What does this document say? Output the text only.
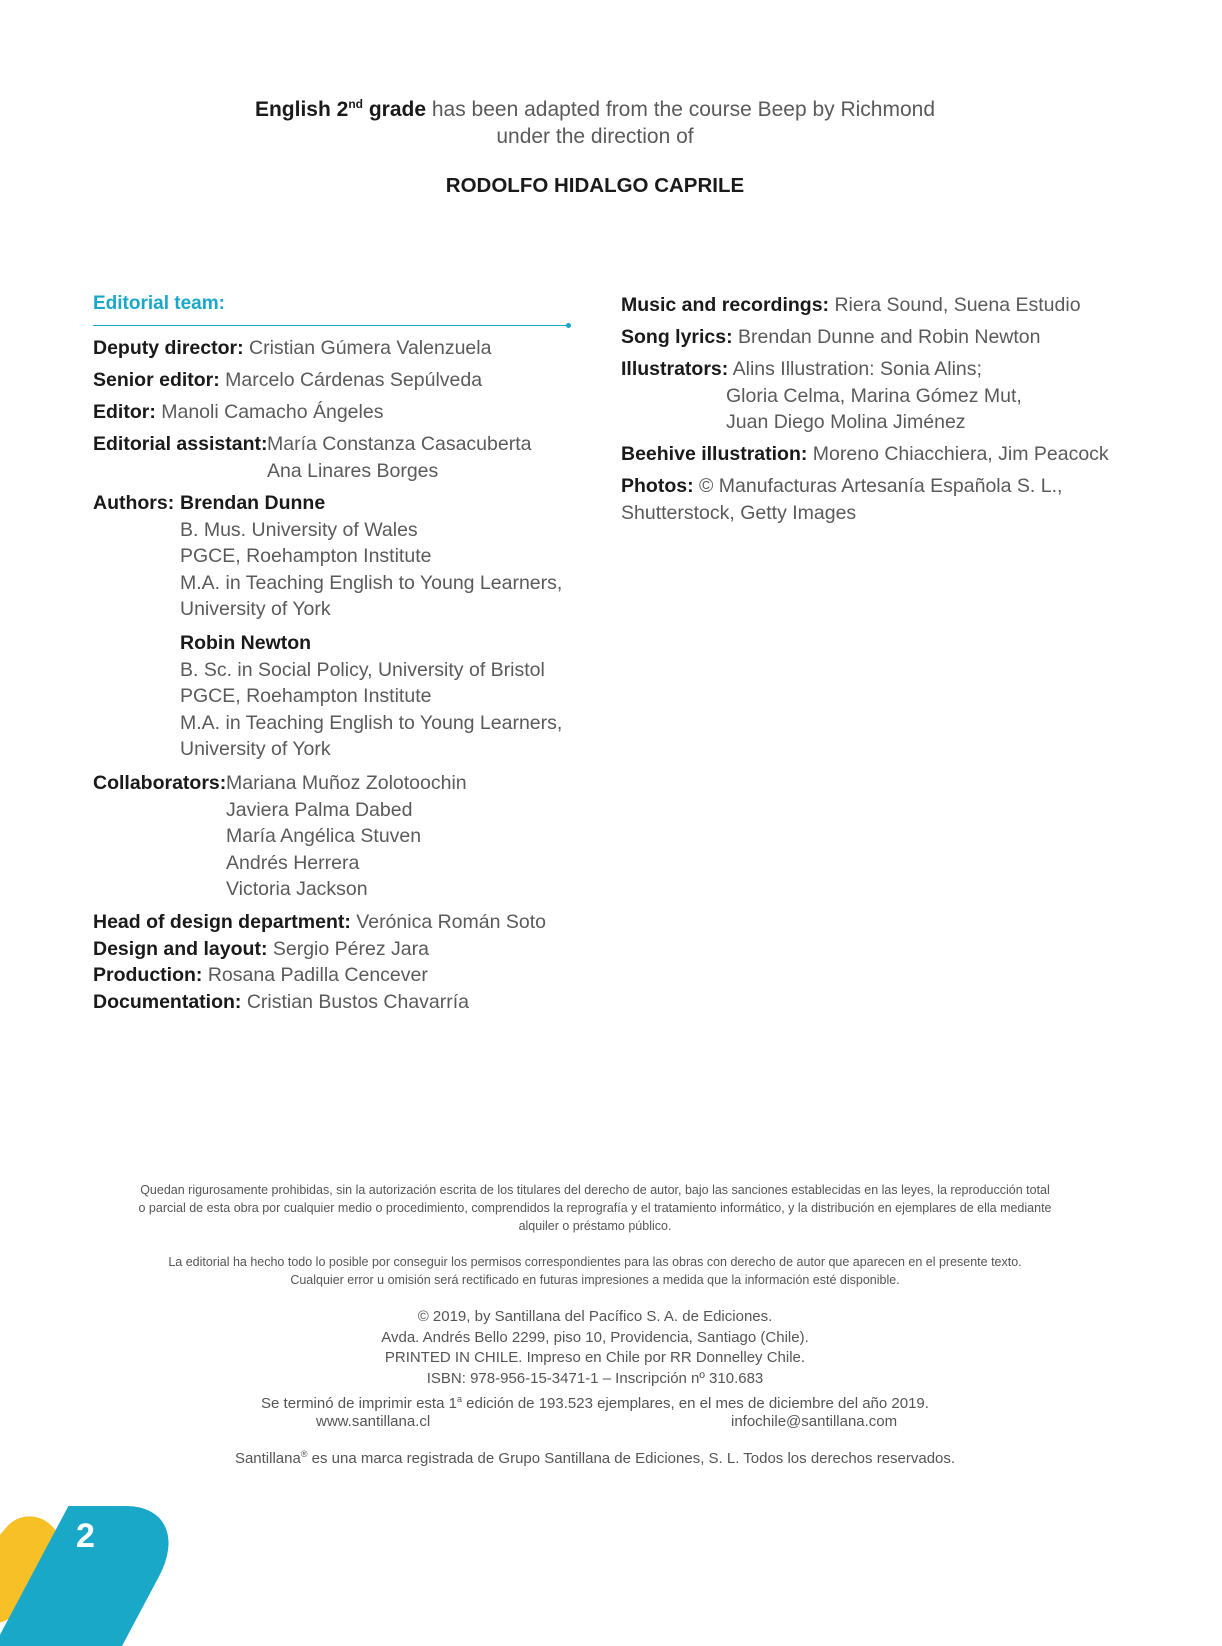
English 2nd grade has been adapted from the course Beep by Richmond
under the direction of
RODOLFO HIDALGO CAPRILE
Editorial team:
Deputy director: Cristian Gúmera Valenzuela
Senior editor: Marcelo Cárdenas Sepúlveda
Editor: Manoli Camacho Ángeles
Editorial assistant: María Constanza Casacuberta
Ana Linares Borges
Authors: Brendan Dunne
B. Mus. University of Wales
PGCE, Roehampton Institute
M.A. in Teaching English to Young Learners,
University of York
Robin Newton
B. Sc. in Social Policy, University of Bristol
PGCE, Roehampton Institute
M.A. in Teaching English to Young Learners,
University of York
Collaborators: Mariana Muñoz Zolotoochin
Javiera Palma Dabed
María Angélica Stuven
Andrés Herrera
Victoria Jackson
Head of design department: Verónica Román Soto
Design and layout: Sergio Pérez Jara
Production: Rosana Padilla Cencever
Documentation: Cristian Bustos Chavarría
Music and recordings: Riera Sound, Suena Estudio
Song lyrics: Brendan Dunne and Robin Newton
Illustrators: Alins Illustration: Sonia Alins;
Gloria Celma, Marina Gómez Mut,
Juan Diego Molina Jiménez
Beehive illustration: Moreno Chiacchiera, Jim Peacock
Photos: © Manufacturas Artesanía Española S. L.,
Shutterstock, Getty Images
Quedan rigurosamente prohibidas, sin la autorización escrita de los titulares del derecho de autor, bajo las sanciones establecidas en las leyes, la reproducción total
o parcial de esta obra por cualquier medio o procedimiento, comprendidos la reprografía y el tratamiento informático, y la distribución en ejemplares de ella mediante
alquiler o préstamo público.
La editorial ha hecho todo lo posible por conseguir los permisos correspondientes para las obras con derecho de autor que aparecen en el presente texto.
Cualquier error u omisión será rectificado en futuras impresiones a medida que la información esté disponible.
© 2019, by Santillana del Pacífico S. A. de Ediciones.
Avda. Andrés Bello 2299, piso 10, Providencia, Santiago (Chile).
PRINTED IN CHILE. Impreso en Chile por RR Donnelley Chile.
ISBN: 978-956-15-3471-1 – Inscripción nº 310.683
Se terminó de imprimir esta 1$^a$ edición de 193.523 ejemplares, en el mes de diciembre del año 2019.
www.santillana.cl	infochile@santillana.com
Santillana® es una marca registrada de Grupo Santillana de Ediciones, S. L. Todos los derechos reservados.
2
